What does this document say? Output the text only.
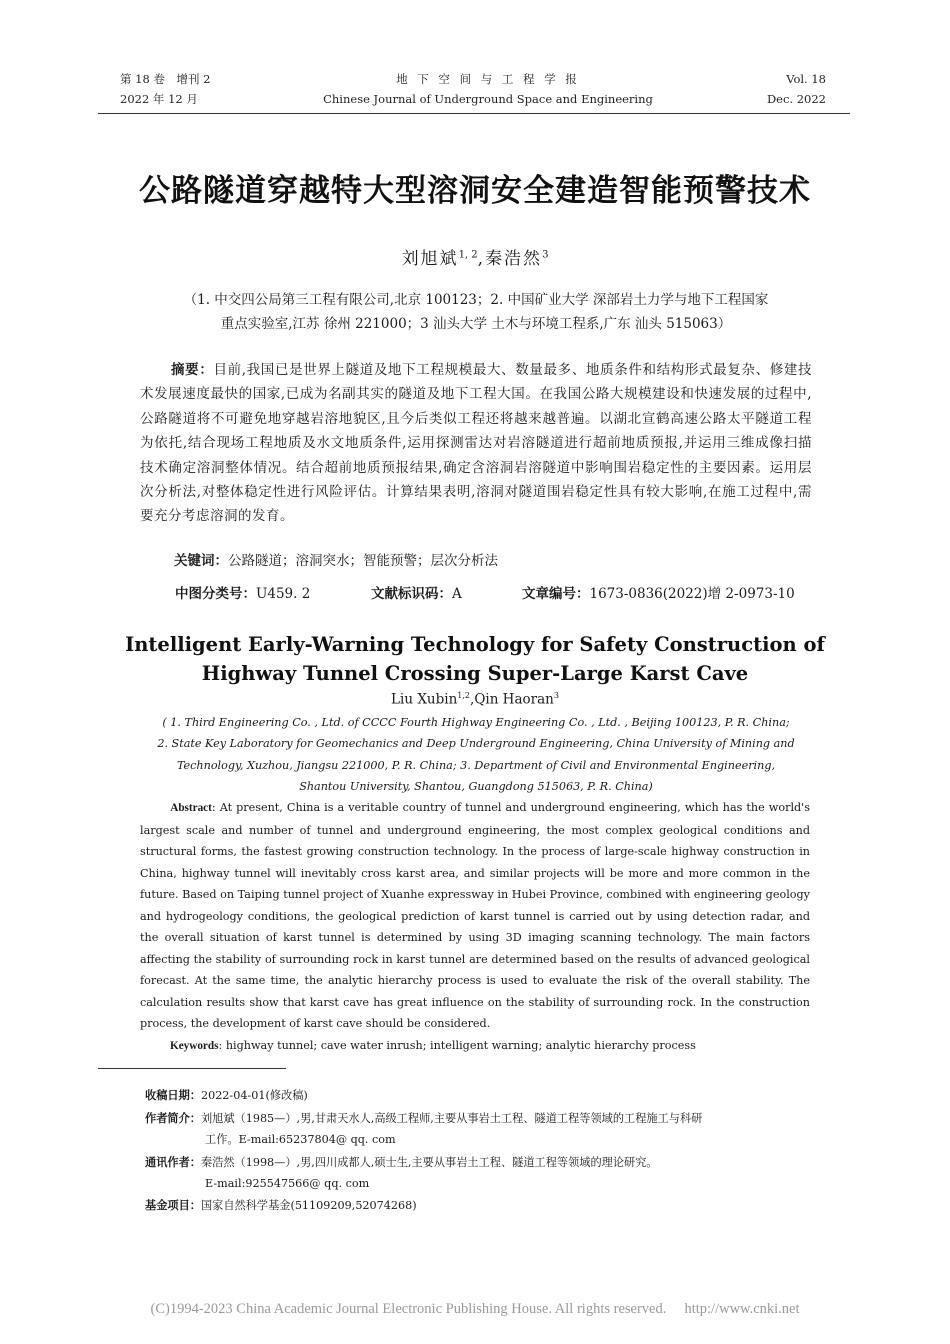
第 18 卷　增刊 2
2022 年 12 月
地 下 空 间 与 工 程 学 报
Chinese Journal of Underground Space and Engineering
Vol. 18
Dec. 2022
公路隧道穿越特大型溶洞安全建造智能预警技术
刘旭斌$^{1, 2}$,秦浩然$^3$
（1. 中交四公局第三工程有限公司,北京 100123；2. 中国矿业大学 深部岩土力学与地下工程国家
重点实验室,江苏 徐州 221000；3 汕头大学 土木与环境工程系,广东 汕头 515063）
摘要：目前,我国已是世界上隧道及地下工程规模最大、数量最多、地质条件和结构形式最复杂、修建技术发展速度最快的国家,已成为名副其实的隧道及地下工程大国。在我国公路大规模建设和快速发展的过程中,公路隧道将不可避免地穿越岩溶地貌区,且今后类似工程还将越来越普遍。以湖北宣鹤高速公路太平隧道工程为依托,结合现场工程地质及水文地质条件,运用探测雷达对岩溶隧道进行超前地质预报,并运用三维成像扫描技术确定溶洞整体情况。结合超前地质预报结果,确定含溶洞岩溶隧道中影响围岩稳定性的主要因素。运用层次分析法,对整体稳定性进行风险评估。计算结果表明,溶洞对隧道围岩稳定性具有较大影响,在施工过程中,需要充分考虑溶洞的发育。
关键词：公路隧道；溶洞突水；智能预警；层次分析法
中图分类号：U459. 2	文献标识码：A	文章编号：1673-0836(2022)增 2-0973-10
Intelligent Early-Warning Technology for Safety Construction of
Highway Tunnel Crossing Super-Large Karst Cave
Liu Xubin$^{1,2}$,Qin Haoran$^3$
( 1. Third Engineering Co. , Ltd. of CCCC Fourth Highway Engineering Co. , Ltd. , Beijing 100123, P. R. China;
2. State Key Laboratory for Geomechanics and Deep Underground Engineering, China University of Mining and
Technology, Xuzhou, Jiangsu 221000, P. R. China; 3. Department of Civil and Environmental Engineering,
Shantou University, Shantou, Guangdong 515063, P. R. China)
Abstract: At present, China is a veritable country of tunnel and underground engineering, which has the world's largest scale and number of tunnel and underground engineering, the most complex geological conditions and structural forms, the fastest growing construction technology. In the process of large-scale highway construction in China, highway tunnel will inevitably cross karst area, and similar projects will be more and more common in the future. Based on Taiping tunnel project of Xuanhe expressway in Hubei Province, combined with engineering geology and hydrogeology conditions, the geological prediction of karst tunnel is carried out by using detection radar, and the overall situation of karst tunnel is determined by using 3D imaging scanning technology. The main factors affecting the stability of surrounding rock in karst tunnel are determined based on the results of advanced geological forecast. At the same time, the analytic hierarchy process is used to evaluate the risk of the overall stability. The calculation results show that karst cave has great influence on the stability of surrounding rock. In the construction process, the development of karst cave should be considered.
Keywords: highway tunnel; cave water inrush; intelligent warning; analytic hierarchy process
收稿日期：2022-04-01(修改稿)
作者简介：刘旭斌（1985—）,男,甘肃天水人,高级工程师,主要从事岩土工程、隧道工程等领域的工程施工与科研
工作。E-mail:65237804@ qq. com
通讯作者：秦浩然（1998—）,男,四川成都人,硕士生,主要从事岩土工程、隧道工程等领域的理论研究。
E-mail:925547566@ qq. com
基金项目：国家自然科学基金(51109209,52074268)
(C)1994-2023 China Academic Journal Electronic Publishing House. All rights reserved.　 http://www.cnki.net
